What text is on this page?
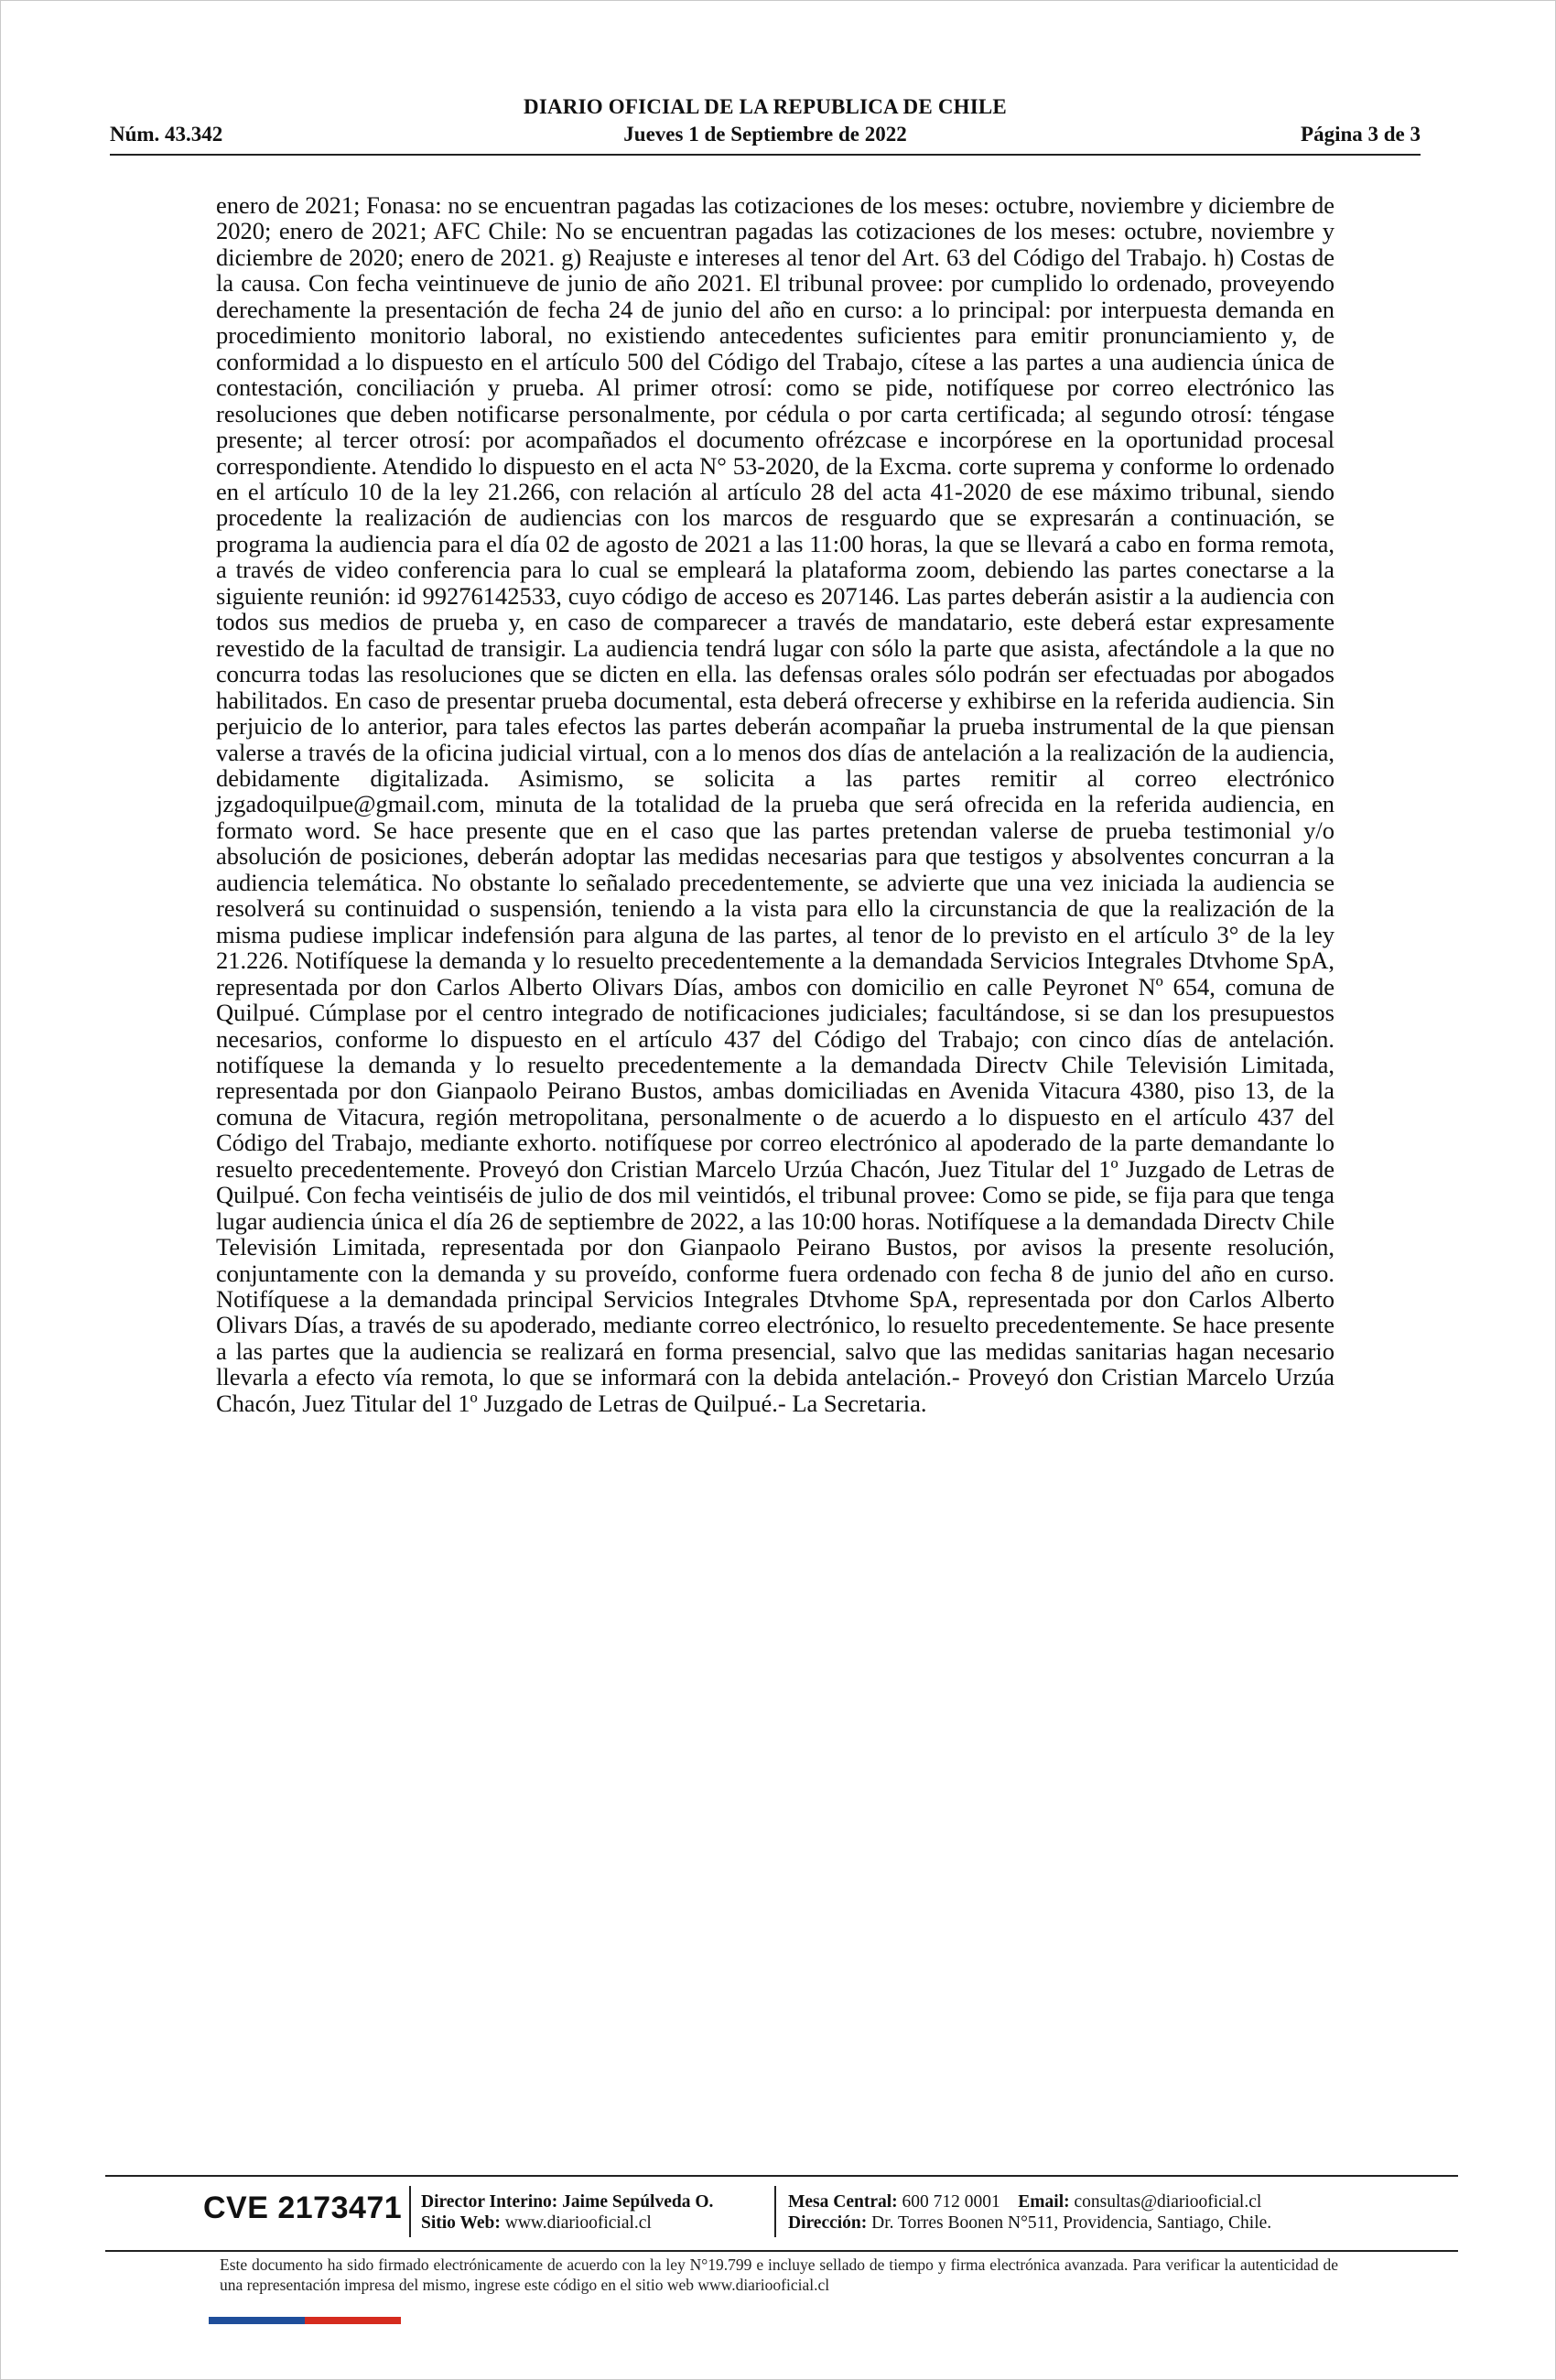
DIARIO OFICIAL DE LA REPUBLICA DE CHILE
Núm. 43.342	Jueves 1 de Septiembre de 2022	Página 3 de 3
enero de 2021; Fonasa: no se encuentran pagadas las cotizaciones de los meses: octubre, noviembre y diciembre de 2020; enero de 2021; AFC Chile: No se encuentran pagadas las cotizaciones de los meses: octubre, noviembre y diciembre de 2020; enero de 2021. g) Reajuste e intereses al tenor del Art. 63 del Código del Trabajo. h) Costas de la causa. Con fecha veintinueve de junio de año 2021. El tribunal provee: por cumplido lo ordenado, proveyendo derechamente la presentación de fecha 24 de junio del año en curso: a lo principal: por interpuesta demanda en procedimiento monitorio laboral, no existiendo antecedentes suficientes para emitir pronunciamiento y, de conformidad a lo dispuesto en el artículo 500 del Código del Trabajo, cítese a las partes a una audiencia única de contestación, conciliación y prueba. Al primer otrosí: como se pide, notifíquese por correo electrónico las resoluciones que deben notificarse personalmente, por cédula o por carta certificada; al segundo otrosí: téngase presente; al tercer otrosí: por acompañados el documento ofrézcase e incorpórese en la oportunidad procesal correspondiente. Atendido lo dispuesto en el acta N° 53-2020, de la Excma. corte suprema y conforme lo ordenado en el artículo 10 de la ley 21.266, con relación al artículo 28 del acta 41-2020 de ese máximo tribunal, siendo procedente la realización de audiencias con los marcos de resguardo que se expresarán a continuación, se programa la audiencia para el día 02 de agosto de 2021 a las 11:00 horas, la que se llevará a cabo en forma remota, a través de video conferencia para lo cual se empleará la plataforma zoom, debiendo las partes conectarse a la siguiente reunión: id 99276142533, cuyo código de acceso es 207146. Las partes deberán asistir a la audiencia con todos sus medios de prueba y, en caso de comparecer a través de mandatario, este deberá estar expresamente revestido de la facultad de transigir. La audiencia tendrá lugar con sólo la parte que asista, afectándole a la que no concurra todas las resoluciones que se dicten en ella. las defensas orales sólo podrán ser efectuadas por abogados habilitados. En caso de presentar prueba documental, esta deberá ofrecerse y exhibirse en la referida audiencia. Sin perjuicio de lo anterior, para tales efectos las partes deberán acompañar la prueba instrumental de la que piensan valerse a través de la oficina judicial virtual, con a lo menos dos días de antelación a la realización de la audiencia, debidamente digitalizada. Asimismo, se solicita a las partes remitir al correo electrónico jzgadoquilpue@gmail.com, minuta de la totalidad de la prueba que será ofrecida en la referida audiencia, en formato word. Se hace presente que en el caso que las partes pretendan valerse de prueba testimonial y/o absolución de posiciones, deberán adoptar las medidas necesarias para que testigos y absolventes concurran a la audiencia telemática. No obstante lo señalado precedentemente, se advierte que una vez iniciada la audiencia se resolverá su continuidad o suspensión, teniendo a la vista para ello la circunstancia de que la realización de la misma pudiese implicar indefensión para alguna de las partes, al tenor de lo previsto en el artículo 3° de la ley 21.226. Notifíquese la demanda y lo resuelto precedentemente a la demandada Servicios Integrales Dtvhome SpA, representada por don Carlos Alberto Olivars Días, ambos con domicilio en calle Peyronet Nº 654, comuna de Quilpué. Cúmplase por el centro integrado de notificaciones judiciales; facultándose, si se dan los presupuestos necesarios, conforme lo dispuesto en el artículo 437 del Código del Trabajo; con cinco días de antelación. notifíquese la demanda y lo resuelto precedentemente a la demandada Directv Chile Televisión Limitada, representada por don Gianpaolo Peirano Bustos, ambas domiciliadas en Avenida Vitacura 4380, piso 13, de la comuna de Vitacura, región metropolitana, personalmente o de acuerdo a lo dispuesto en el artículo 437 del Código del Trabajo, mediante exhorto. notifíquese por correo electrónico al apoderado de la parte demandante lo resuelto precedentemente. Proveyó don Cristian Marcelo Urzúa Chacón, Juez Titular del 1º Juzgado de Letras de Quilpué. Con fecha veintiséis de julio de dos mil veintidós, el tribunal provee: Como se pide, se fija para que tenga lugar audiencia única el día 26 de septiembre de 2022, a las 10:00 horas. Notifíquese a la demandada Directv Chile Televisión Limitada, representada por don Gianpaolo Peirano Bustos, por avisos la presente resolución, conjuntamente con la demanda y su proveído, conforme fuera ordenado con fecha 8 de junio del año en curso. Notifíquese a la demandada principal Servicios Integrales Dtvhome SpA, representada por don Carlos Alberto Olivars Días, a través de su apoderado, mediante correo electrónico, lo resuelto precedentemente. Se hace presente a las partes que la audiencia se realizará en forma presencial, salvo que las medidas sanitarias hagan necesario llevarla a efecto vía remota, lo que se informará con la debida antelación.- Proveyó don Cristian Marcelo Urzúa Chacón, Juez Titular del 1º Juzgado de Letras de Quilpué.- La Secretaria.
CVE 2173471 Director Interino: Jaime Sepúlveda O.
Sitio Web: www.diariooficial.cl
Mesa Central: 600 712 0001 Email: consultas@diariooficial.cl
Dirección: Dr. Torres Boonen N°511, Providencia, Santiago, Chile.
Este documento ha sido firmado electrónicamente de acuerdo con la ley N°19.799 e incluye sellado de tiempo y firma electrónica avanzada. Para verificar la autenticidad de una representación impresa del mismo, ingrese este código en el sitio web www.diariooficial.cl
